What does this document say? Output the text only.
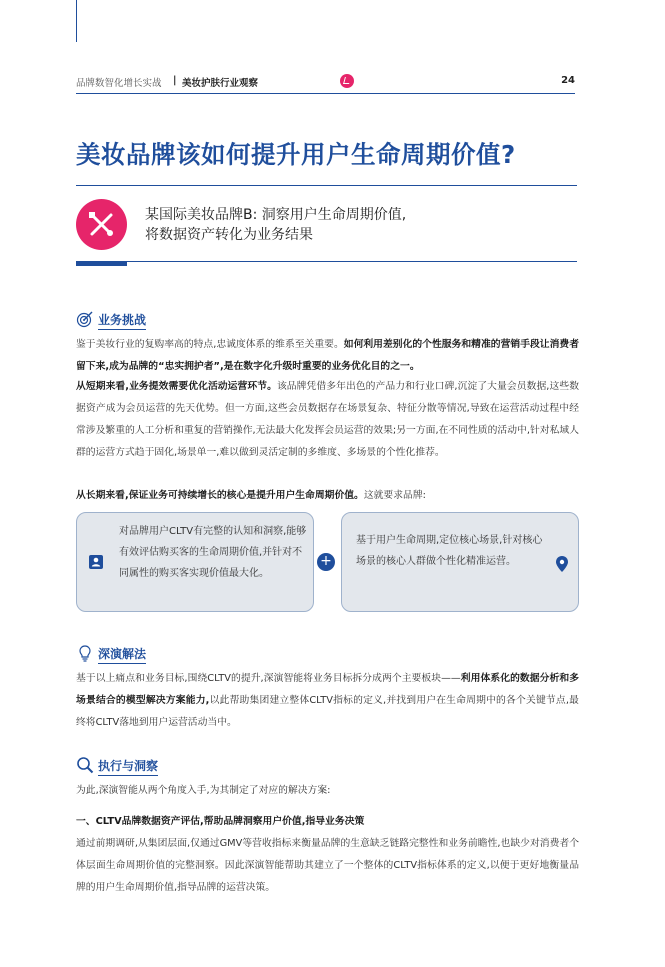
品牌数智化增长实战 | 美妆护肤行业观察	24
美妆品牌该如何提升用户生命周期价值?
某国际美妆品牌B: 洞察用户生命周期价值,
将数据资产转化为业务结果
业务挑战
鉴于美妆行业的复购率高的特点,忠诚度体系的维系至关重要。如何利用差别化的个性服务和精准的营销手段让消费者留下来,成为品牌的“忠实拥护者”,是在数字化升级时重要的业务优化目的之一。
从短期来看,业务提效需要优化活动运营环节。该品牌凭借多年出色的产品力和行业口碑,沉淀了大量会员数据,这些数据资产成为会员运营的先天优势。但一方面,这些会员数据存在场景复杂、特征分散等情况,导致在运营活动过程中经常涉及繁重的人工分析和重复的营销操作,无法最大化发挥会员运营的效果;另一方面,在不同性质的活动中,针对私域人群的运营方式趋于固化,场景单一,难以做到灵活定制的多维度、多场景的个性化推荐。
从长期来看,保证业务可持续增长的核心是提升用户生命周期价值。这就要求品牌:
对品牌用户CLTV有完整的认知和洞察,能够有效评估购买客的生命周期价值,并针对不同属性的购买客实现价值最大化。
+
基于用户生命周期,定位核心场景,针对核心场景的核心人群做个性化精准运营。
深演解法
基于以上痛点和业务目标,围绕CLTV的提升,深演智能将业务目标拆分成两个主要板块——利用体系化的数据分析和多场景结合的模型解决方案能力,以此帮助集团建立整体CLTV指标的定义,并找到用户在生命周期中的各个关键节点,最终将CLTV落地到用户运营活动当中。
执行与洞察
为此,深演智能从两个角度入手,为其制定了对应的解决方案:
一、CLTV品牌数据资产评估,帮助品牌洞察用户价值,指导业务决策
通过前期调研,从集团层面,仅通过GMV等营收指标来衡量品牌的生意缺乏链路完整性和业务前瞻性,也缺少对消费者个体层面生命周期价值的完整洞察。因此深演智能帮助其建立了一个整体的CLTV指标体系的定义,以便于更好地衡量品牌的用户生命周期价值,指导品牌的运营决策。
